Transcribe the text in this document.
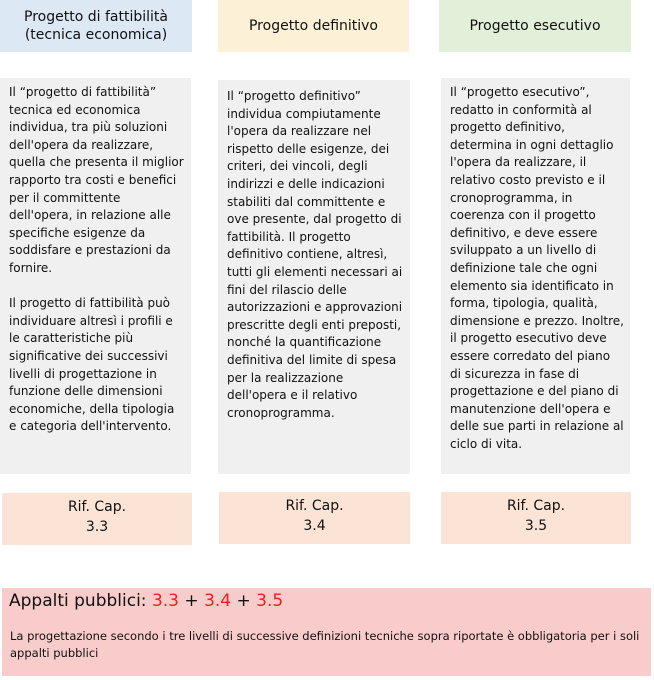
Progetto di fattibilità
(tecnica economica)

Il “progetto di fattibilità” tecnica ed economica individua, tra più soluzioni dell'opera da realizzare, quella che presenta il miglior rapporto tra costi e benefici per il committente dell'opera, in relazione alle specifiche esigenze da soddisfare e prestazioni da fornire.

Il progetto di fattibilità può individuare altresì i profili e le caratteristiche più significative dei successivi livelli di progettazione in funzione delle dimensioni economiche, della tipologia e categoria dell'intervento.

Rif. Cap.
3.3
Progetto definitivo

Il “progetto definitivo” individua compiutamente l'opera da realizzare nel rispetto delle esigenze, dei criteri, dei vincoli, degli indirizzi e delle indicazioni stabiliti dal committente e ove presente, dal progetto di fattibilità. Il progetto definitivo contiene, altresì, tutti gli elementi necessari ai fini del rilascio delle autorizzazioni e approvazioni prescritte degli enti preposti, nonché la quantificazione definitiva del limite di spesa per la realizzazione dell'opera e il relativo cronoprogramma.

Rif. Cap.
3.4
Progetto esecutivo

Il “progetto esecutivo”, redatto in conformità al progetto definitivo, determina in ogni dettaglio l'opera da realizzare, il relativo costo previsto e il cronoprogramma, in coerenza con il progetto definitivo, e deve essere sviluppato a un livello di definizione tale che ogni elemento sia identificato in forma, tipologia, qualità, dimensione e prezzo. Inoltre, il progetto esecutivo deve essere corredato del piano di sicurezza in fase di progettazione e del piano di manutenzione dell'opera e delle sue parti in relazione al ciclo di vita.

Rif. Cap.
3.5
Appalti pubblici: 3.3 + 3.4 + 3.5
La progettazione secondo i tre livelli di successive definizioni tecniche sopra riportate è obbligatoria per i soli appalti pubblici
